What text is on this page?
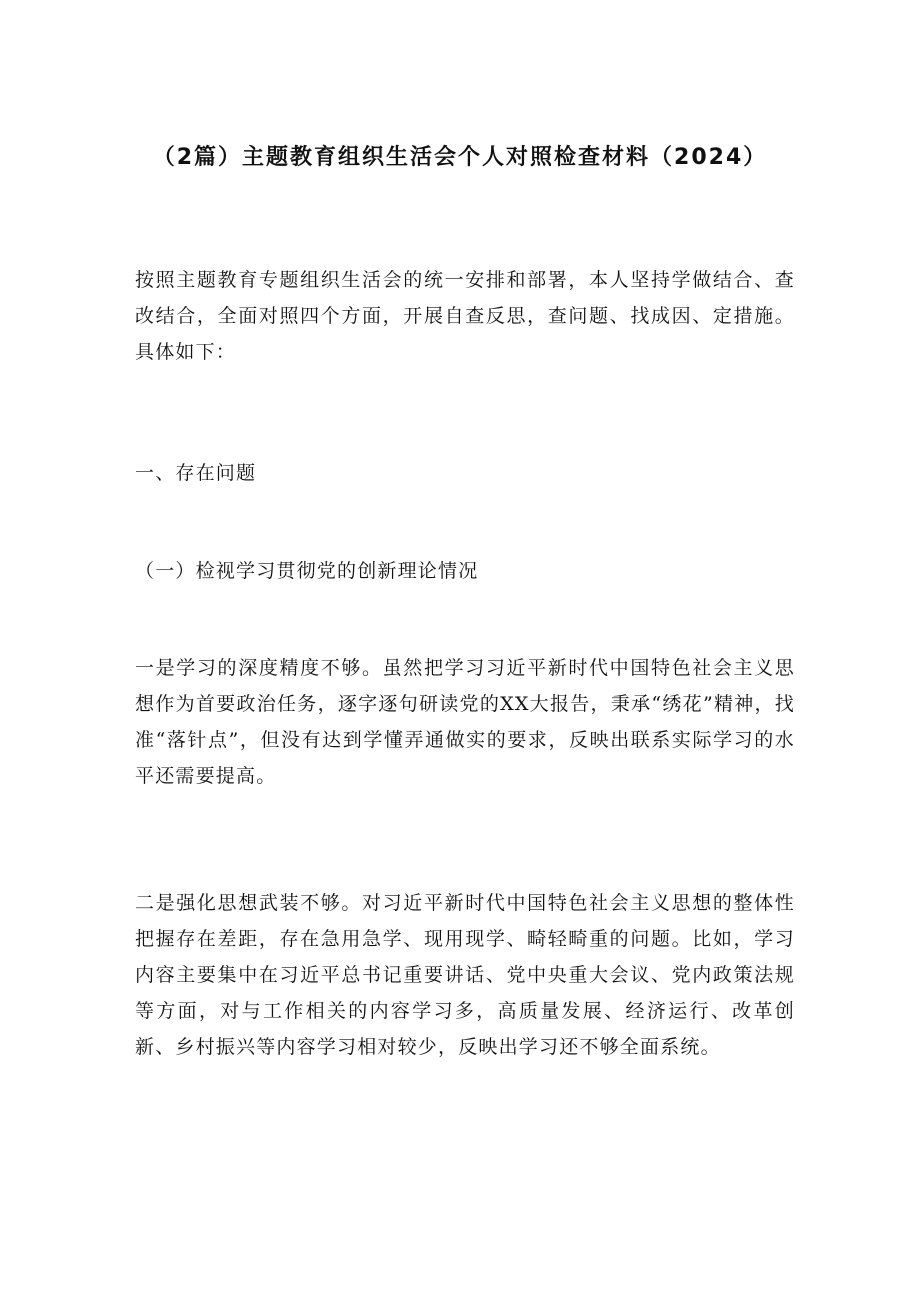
（2篇）主题教育组织生活会个人对照检查材料（2024）

按照主题教育专题组织生活会的统一安排和部署，本人坚持学做结合、查改结合，全面对照四个方面，开展自查反思，查问题、找成因、定措施。具体如下：

一、存在问题

（一）检视学习贯彻党的创新理论情况

一是学习的深度精度不够。虽然把学习习近平新时代中国特色社会主义思想作为首要政治任务，逐字逐句研读党的XX大报告，秉承“绣花”精神，找准“落针点”，但没有达到学懂弄通做实的要求，反映出联系实际学习的水平还需要提高。

二是强化思想武装不够。对习近平新时代中国特色社会主义思想的整体性把握存在差距，存在急用急学、现用现学、畸轻畸重的问题。比如，学习内容主要集中在习近平总书记重要讲话、党中央重大会议、党内政策法规等方面，对与工作相关的内容学习多，高质量发展、经济运行、改革创新、乡村振兴等内容学习相对较少，反映出学习还不够全面系统。
